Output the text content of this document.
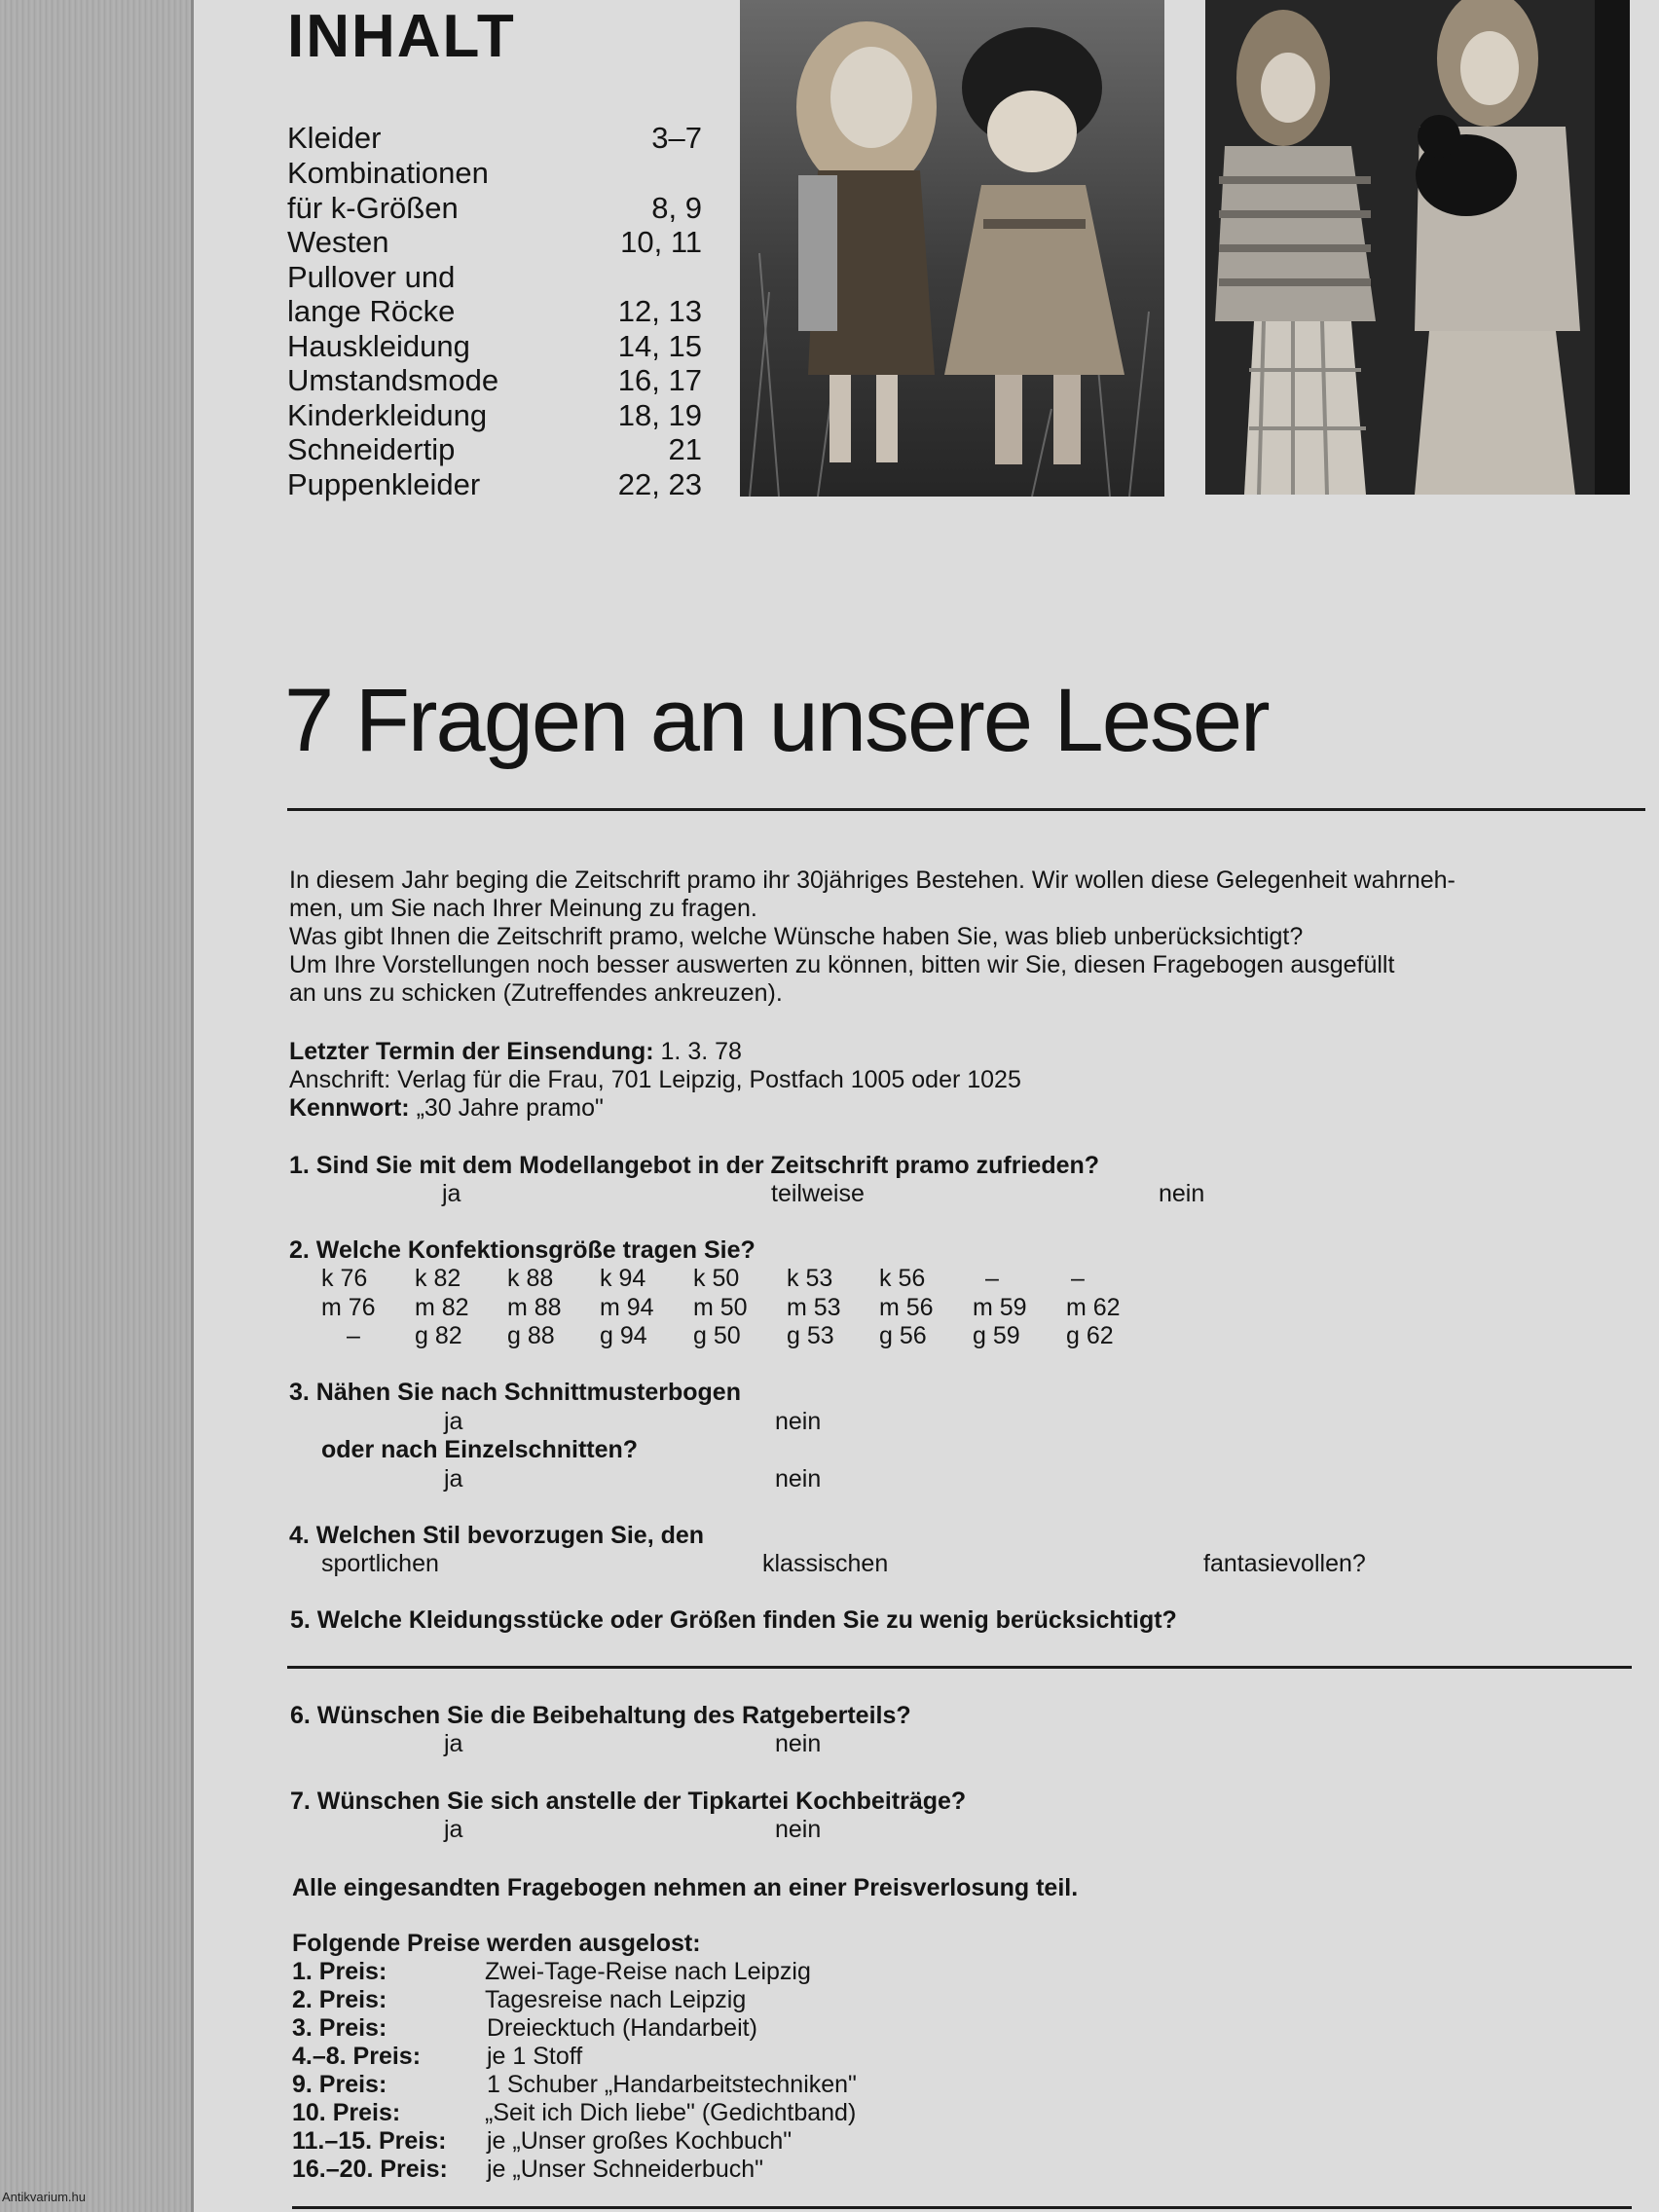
INHALT
Kleider	3–7
Kombinationen
für k-Größen	8, 9
Westen	10, 11
Pullover und
lange Röcke	12, 13
Hauskleidung	14, 15
Umstandsmode	16, 17
Kinderkleidung	18, 19
Schneidertip	21
Puppenkleider	22, 23
7 Fragen an unsere Leser
In diesem Jahr beging die Zeitschrift pramo ihr 30jähriges Bestehen. Wir wollen diese Gelegenheit wahrneh-
men, um Sie nach Ihrer Meinung zu fragen.
Was gibt Ihnen die Zeitschrift pramo, welche Wünsche haben Sie, was blieb unberücksichtigt?
Um Ihre Vorstellungen noch besser auswerten zu können, bitten wir Sie, diesen Fragebogen ausgefüllt
an uns zu schicken (Zutreffendes ankreuzen).
Letzter Termin der Einsendung: 1. 3. 78
Anschrift: Verlag für die Frau, 701 Leipzig, Postfach 1005 oder 1025
Kennwort: „30 Jahre pramo"
1. Sind Sie mit dem Modellangebot in der Zeitschrift pramo zufrieden?
ja	teilweise	nein
2. Welche Konfektionsgröße tragen Sie?
k 76 k 82 k 88 k 94 k 50 k 53 k 56 –	–
m 76 m 82 m 88 m 94 m 50 m 53 m 56 m 59 m 62
– g 82 g 88 g 94 g 50 g 53 g 56 g 59 g 62
3. Nähen Sie nach Schnittmusterbogen
ja	nein
oder nach Einzelschnitten?
ja	nein
4. Welchen Stil bevorzugen Sie, den
sportlichen	klassischen	fantasievollen?
5. Welche Kleidungsstücke oder Größen finden Sie zu wenig berücksichtigt?
6. Wünschen Sie die Beibehaltung des Ratgeberteils?
ja	nein
7. Wünschen Sie sich anstelle der Tipkartei Kochbeiträge?
ja	nein
Alle eingesandten Fragebogen nehmen an einer Preisverlosung teil.
Folgende Preise werden ausgelost:
1. Preis:	Zwei-Tage-Reise nach Leipzig
2. Preis:	Tagesreise nach Leipzig
3. Preis:	Dreiecktuch (Handarbeit)
4.–8. Preis:	je 1 Stoff
9. Preis:	1 Schuber „Handarbeitstechniken"
10. Preis:	„Seit ich Dich liebe" (Gedichtband)
11.–15. Preis: je „Unser großes Kochbuch"
16.–20. Preis: je „Unser Schneiderbuch"
Antikvarium.hu
